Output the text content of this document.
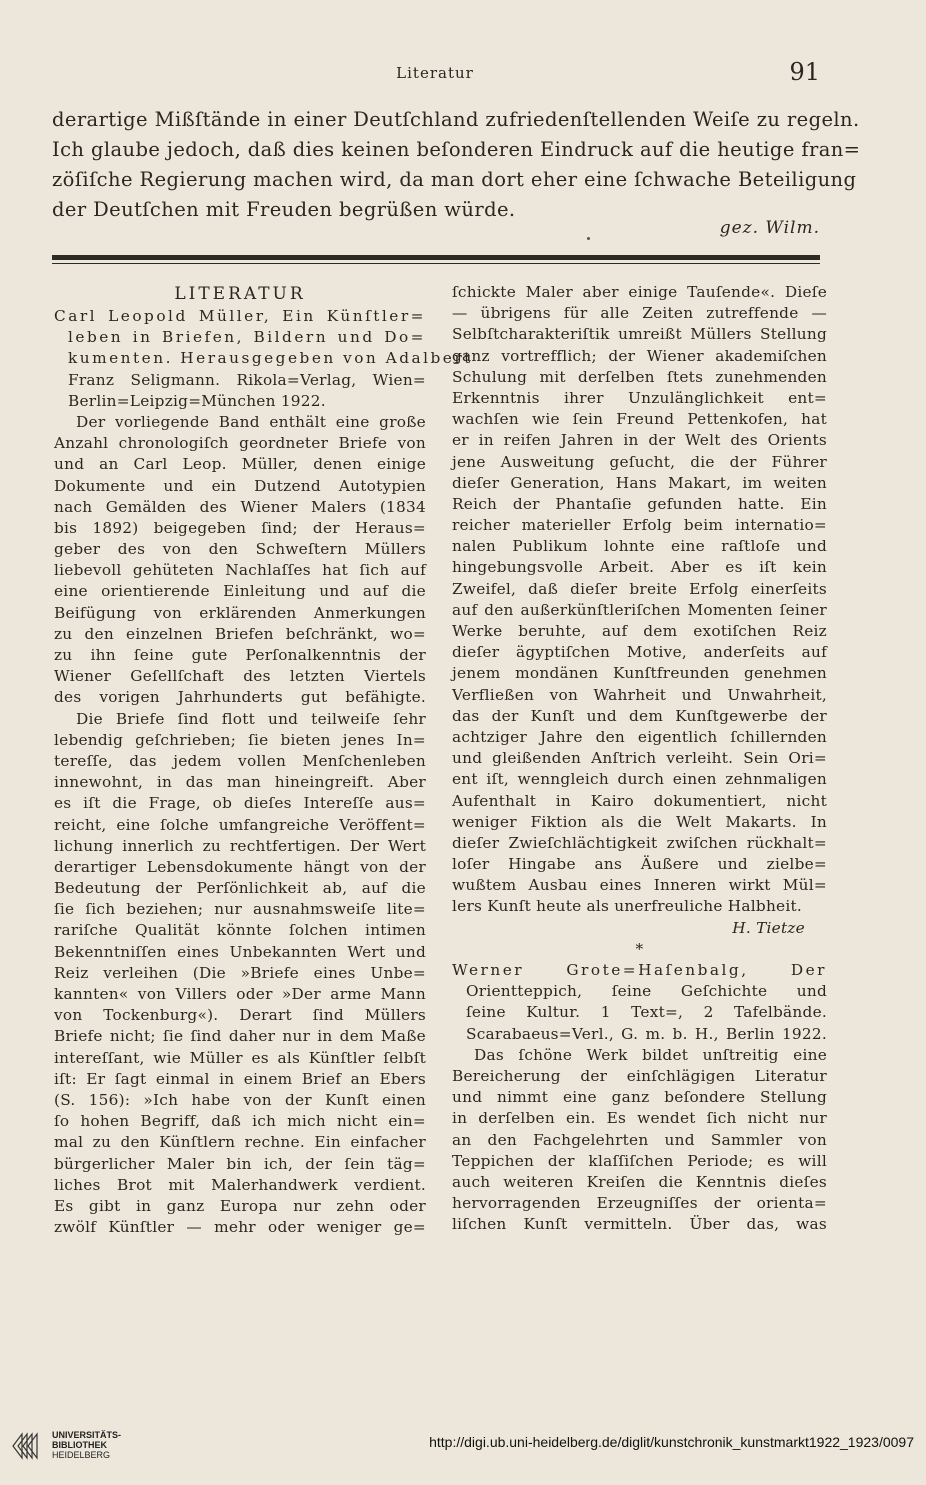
Literatur	91

derartige Mißſtände in einer Deutſchland zufriedenſtellenden Weiſe zu regeln.

Ich glaube jedoch, daß dies keinen beſonderen Eindruck auf die heutige fran=

zöſiſche Regierung machen wird, da man dort eher eine ſchwache Beteiligung

der Deutſchen mit Freuden begrüßen würde.

gez. Wilm.
LITERATUR
Carl Leopold Müller, Ein Künſtler=
leben in Briefen, Bildern und Do=
kumenten. Herausgegeben von Adalbert
Franz Seligmann. Rikola=Verlag, Wien=
Berlin=Leipzig=München 1922.
Der vorliegende Band enthält eine große
Anzahl chronologiſch geordneter Briefe von
und an Carl Leop. Müller, denen einige
Dokumente und ein Dutzend Autotypien
nach Gemälden des Wiener Malers (1834
bis 1892) beigegeben ſind; der Heraus=
geber des von den Schweſtern Müllers
liebevoll gehüteten Nachlaſſes hat ſich auf
eine orientierende Einleitung und auf die
Beifügung von erklärenden Anmerkungen
zu den einzelnen Briefen beſchränkt, wo=
zu ihn ſeine gute Perſonalkenntnis der
Wiener Geſellſchaft des letzten Viertels
des vorigen Jahrhunderts gut befähigte.
Die Briefe ſind flott und teilweiſe ſehr
lebendig geſchrieben; ſie bieten jenes In=
tereſſe, das jedem vollen Menſchenleben
innewohnt, in das man hineingreift. Aber
es iſt die Frage, ob dieſes Intereſſe aus=
reicht, eine ſolche umfangreiche Veröffent=
lichung innerlich zu rechtfertigen. Der Wert
derartiger Lebensdokumente hängt von der
Bedeutung der Perſönlichkeit ab, auf die
ſie ſich beziehen; nur ausnahmsweiſe lite=
rariſche Qualität könnte ſolchen intimen
Bekenntniſſen eines Unbekannten Wert und
Reiz verleihen (Die »Briefe eines Unbe=
kannten« von Villers oder »Der arme Mann
von Tockenburg«). Derart ſind Müllers
Briefe nicht; ſie ſind daher nur in dem Maße
intereſſant, wie Müller es als Künſtler ſelbſt
iſt: Er ſagt einmal in einem Brief an Ebers
(S. 156): »Ich habe von der Kunſt einen
ſo hohen Begriff, daß ich mich nicht ein=
mal zu den Künſtlern rechne. Ein einfacher
bürgerlicher Maler bin ich, der ſein täg=
liches Brot mit Malerhandwerk verdient.
Es gibt in ganz Europa nur zehn oder
zwölf Künſtler — mehr oder weniger ge=
ſchickte Maler aber einige Tauſende«. Dieſe
— übrigens für alle Zeiten zutreffende —
Selbſtcharakteriſtik umreißt Müllers Stellung
ganz vortrefflich; der Wiener akademiſchen
Schulung mit derſelben ſtets zunehmenden
Erkenntnis ihrer Unzulänglichkeit ent=
wachſen wie ſein Freund Pettenkofen, hat
er in reifen Jahren in der Welt des Orients
jene Ausweitung geſucht, die der Führer
dieſer Generation, Hans Makart, im weiten
Reich der Phantaſie gefunden hatte. Ein
reicher materieller Erfolg beim internatio=
nalen Publikum lohnte eine raſtloſe und
hingebungsvolle Arbeit. Aber es iſt kein
Zweifel, daß dieſer breite Erfolg einerſeits
auf den außerkünſtleriſchen Momenten ſeiner
Werke beruhte, auf dem exotiſchen Reiz
dieſer ägyptiſchen Motive, anderſeits auf
jenem mondänen Kunſtfreunden genehmen
Verfließen von Wahrheit und Unwahrheit,
das der Kunſt und dem Kunſtgewerbe der
achtziger Jahre den eigentlich ſchillernden
und gleißenden Anſtrich verleiht. Sein Ori=
ent iſt, wenngleich durch einen zehnmaligen
Aufenthalt in Kairo dokumentiert, nicht
weniger Fiktion als die Welt Makarts. In
dieſer Zwieſchlächtigkeit zwiſchen rückhalt=
loſer Hingabe ans Äußere und zielbe=
wußtem Ausbau eines Inneren wirkt Mül=
lers Kunſt heute als unerfreuliche Halbheit.
H. Tietze
*
Werner Grote=Haſenbalg, Der
Orientteppich, ſeine Geſchichte und
ſeine Kultur. 1 Text=, 2 Tafelbände.
Scarabaeus=Verl., G. m. b. H., Berlin 1922.
Das ſchöne Werk bildet unſtreitig eine
Bereicherung der einſchlägigen Literatur
und nimmt eine ganz beſondere Stellung
in derſelben ein. Es wendet ſich nicht nur
an den Fachgelehrten und Sammler von
Teppichen der klaſſiſchen Periode; es will
auch weiteren Kreiſen die Kenntnis dieſes
hervorragenden Erzeugniſſes der orienta=
liſchen Kunſt vermitteln. Über das, was
UNIVERSITÄTS-
BIBLIOTHEK
HEIDELBERG
http://digi.ub.uni-heidelberg.de/diglit/kunstchronik_kunstmarkt1922_1923/0097
